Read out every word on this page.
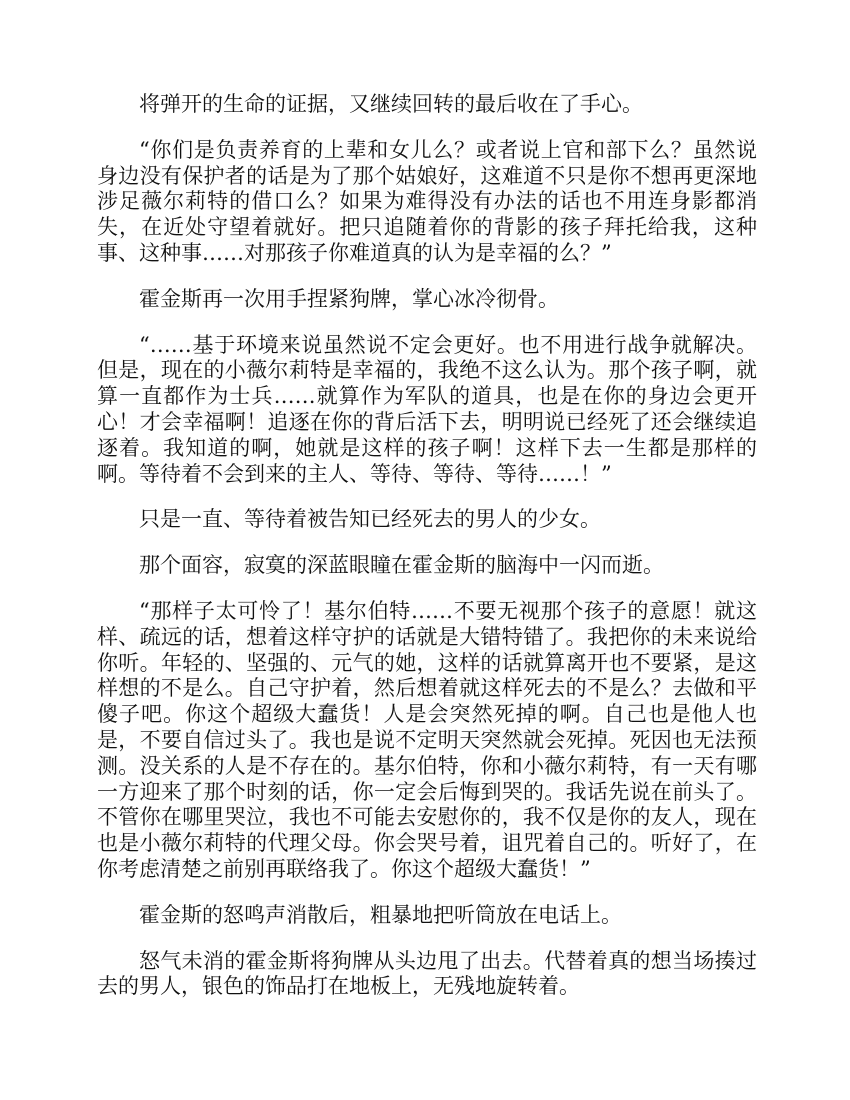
将弹开的生命的证据，又继续回转的最后收在了手心。

“你们是负责养育的上辈和女儿么？或者说上官和部下么？虽然说身边没有保护者的话是为了那个姑娘好，这难道不只是你不想再更深地涉足薇尔莉特的借口么？如果为难得没有办法的话也不用连身影都消失，在近处守望着就好。把只追随着你的背影的孩子拜托给我，这种事、这种事……对那孩子你难道真的认为是幸福的么？”

霍金斯再一次用手捏紧狗牌，掌心冰冷彻骨。

“……基于环境来说虽然说不定会更好。也不用进行战争就解决。但是，现在的小薇尔莉特是幸福的，我绝不这么认为。那个孩子啊，就算一直都作为士兵……就算作为军队的道具，也是在你的身边会更开心！才会幸福啊！追逐在你的背后活下去，明明说已经死了还会继续追逐着。我知道的啊，她就是这样的孩子啊！这样下去一生都是那样的啊。等待着不会到来的主人、等待、等待、等待……！”

只是一直、等待着被告知已经死去的男人的少女。

那个面容，寂寞的深蓝眼瞳在霍金斯的脑海中一闪而逝。

“那样子太可怜了！基尔伯特……不要无视那个孩子的意愿！就这样、疏远的话，想着这样守护的话就是大错特错了。我把你的未来说给你听。年轻的、坚强的、元气的她，这样的话就算离开也不要紧，是这样想的不是么。自己守护着，然后想着就这样死去的不是么？去做和平傻子吧。你这个超级大蠢货！人是会突然死掉的啊。自己也是他人也是，不要自信过头了。我也是说不定明天突然就会死掉。死因也无法预测。没关系的人是不存在的。基尔伯特，你和小薇尔莉特，有一天有哪一方迎来了那个时刻的话，你一定会后悔到哭的。我话先说在前头了。不管你在哪里哭泣，我也不可能去安慰你的，我不仅是你的友人，现在也是小薇尔莉特的代理父母。你会哭号着，诅咒着自己的。听好了，在你考虑清楚之前别再联络我了。你这个超级大蠢货！”

霍金斯的怒鸣声消散后，粗暴地把听筒放在电话上。

怒气未消的霍金斯将狗牌从头边甩了出去。代替着真的想当场揍过去的男人，银色的饰品打在地板上，无残地旋转着。
